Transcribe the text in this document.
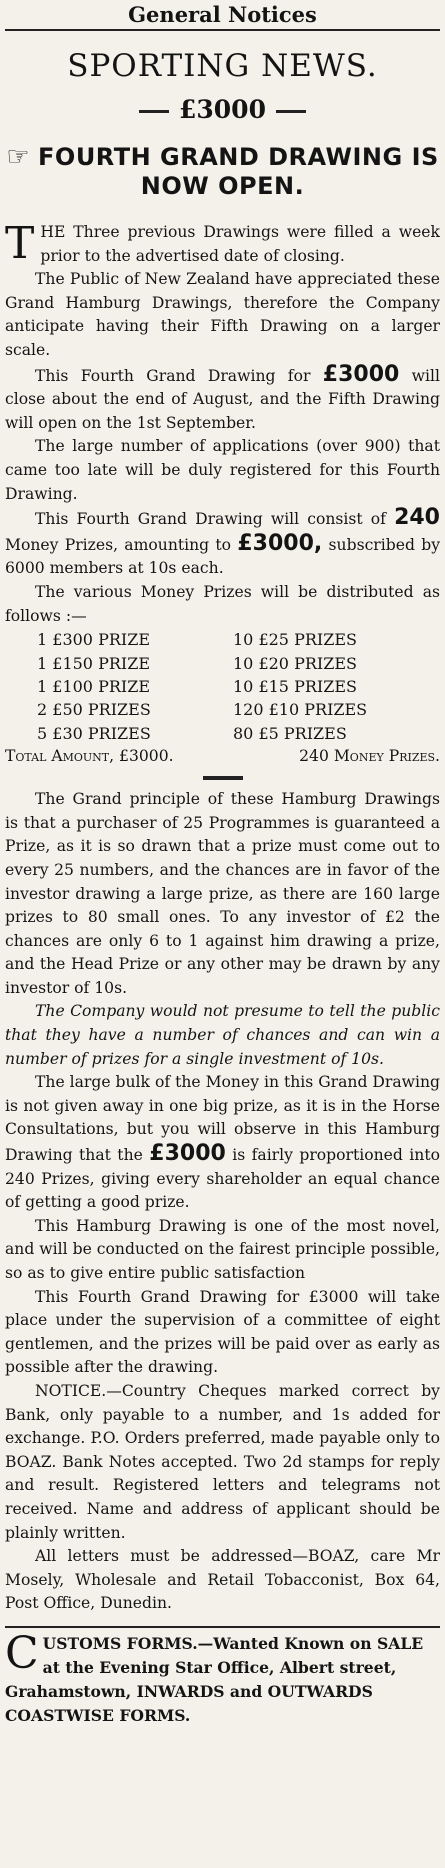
General Notices
SPORTING NEWS.
£3000
☞ FOURTH GRAND DRAWING IS
NOW OPEN.

THE Three previous Drawings were filled a week prior to the advertised date of closing.

The Public of New Zealand have appreciated these Grand Hamburg Drawings, therefore the Company anticipate having their Fifth Drawing on a larger scale.

This Fourth Grand Drawing for £3000 will close about the end of August, and the Fifth Drawing will open on the 1st September.

The large number of applications (over 900) that came too late will be duly registered for this Fourth Drawing.

This Fourth Grand Drawing will consist of 240 Money Prizes, amounting to £3000, subscribed by 6000 members at 10s each.

The various Money Prizes will be distributed as follows :—

1 £300 PRIZE	10 £25 PRIZES
1 £150 PRIZE	10 £20 PRIZES
1 £100 PRIZE	10 £15 PRIZES
2 £50 PRIZES	120 £10 PRIZES
5 £30 PRIZES	80 £5 PRIZES
Total Amount, £3000.	240 Money Prizes.

The Grand principle of these Hamburg Drawings is that a purchaser of 25 Programmes is guaranteed a Prize, as it is so drawn that a prize must come out to every 25 numbers, and the chances are in favor of the investor drawing a large prize, as there are 160 large prizes to 80 small ones. To any investor of £2 the chances are only 6 to 1 against him drawing a prize, and the Head Prize or any other may be drawn by any investor of 10s.

The Company would not presume to tell the public that they have a number of chances and can win a number of prizes for a single investment of 10s.

The large bulk of the Money in this Grand Drawing is not given away in one big prize, as it is in the Horse Consultations, but you will observe in this Hamburg Drawing that the £3000 is fairly proportioned into 240 Prizes, giving every shareholder an equal chance of getting a good prize.

This Hamburg Drawing is one of the most novel, and will be conducted on the fairest principle possible, so as to give entire public satisfaction

This Fourth Grand Drawing for £3000 will take place under the supervision of a committee of eight gentlemen, and the prizes will be paid over as early as possible after the drawing.

NOTICE.—Country Cheques marked correct by Bank, only payable to a number, and 1s added for exchange. P.O. Orders preferred, made payable only to BOAZ. Bank Notes accepted. Two 2d stamps for reply and result. Registered letters and telegrams not received. Name and address of applicant should be plainly written.

All letters must be addressed—BOAZ, care Mr Mosely, Wholesale and Retail Tobacconist, Box 64, Post Office, Dunedin.

CUSTOMS FORMS.—Wanted Known on SALE at the Evening Star Office, Albert street, Grahamstown, INWARDS and OUTWARDS COASTWISE FORMS.
